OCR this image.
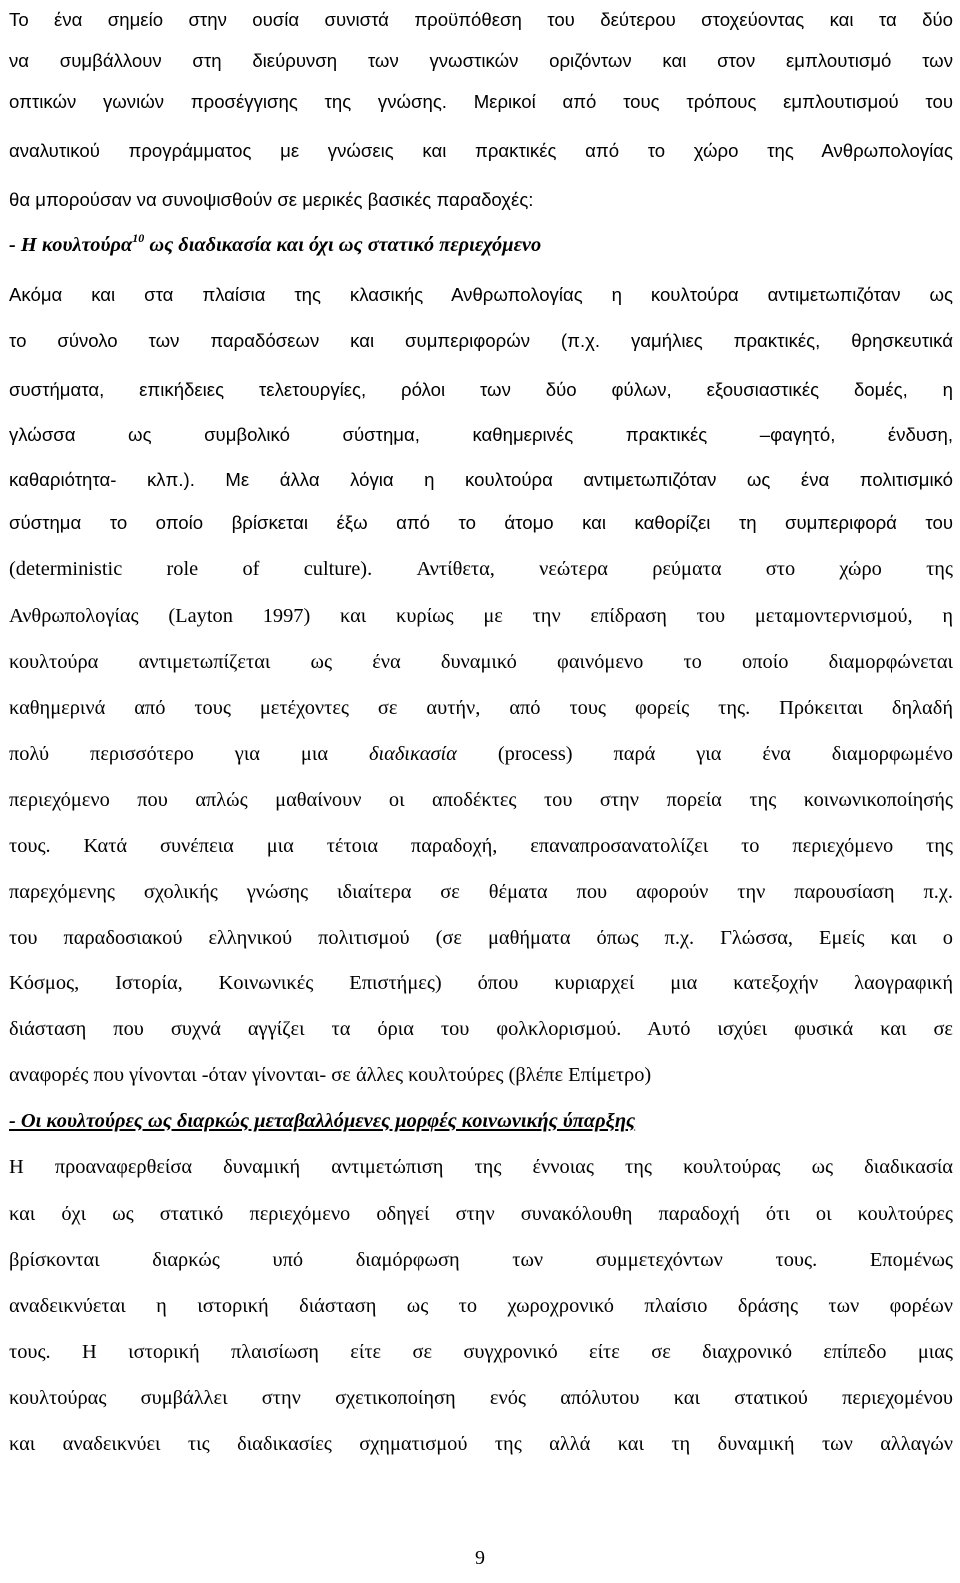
Το ένα σημείο στην ουσία συνιστά προϋπόθεση του δεύτερου στοχεύοντας και τα δύο
να συμβάλλουν στη διεύρυνση των γνωστικών οριζόντων και στον εμπλουτισμό των
οπτικών γωνιών προσέγγισης της γνώσης. Μερικοί από τους τρόπους εμπλουτισμού του
αναλυτικού προγράμματος με γνώσεις και πρακτικές από το χώρο της Ανθρωπολογίας
θα μπορούσαν να συνοψισθούν σε μερικές βασικές παραδοχές:
- Η κουλτούρα$^{10}$ ως διαδικασία και όχι ως στατικό περιεχόμενο
Ακόμα και στα πλαίσια της κλασικής Ανθρωπολογίας η κουλτούρα αντιμετωπιζόταν ως
το σύνολο των παραδόσεων και συμπεριφορών (π.χ. γαμήλιες πρακτικές, θρησκευτικά
συστήματα, επικήδειες τελετουργίες, ρόλοι των δύο φύλων, εξουσιαστικές δομές, η
γλώσσα ως συμβολικό σύστημα, καθημερινές πρακτικές –φαγητό, ένδυση,
καθαριότητα- κλπ.). Με άλλα λόγια η κουλτούρα αντιμετωπιζόταν ως ένα πολιτισμικό
σύστημα το οποίο βρίσκεται έξω από το άτομο και καθορίζει τη συμπεριφορά του
(deterministic role of culture). Αντίθετα, νεώτερα ρεύματα στο χώρο της
Ανθρωπολογίας (Layton 1997) και κυρίως με την επίδραση του μεταμοντερνισμού, η
κουλτούρα αντιμετωπίζεται ως ένα δυναμικό φαινόμενο το οποίο διαμορφώνεται
καθημερινά από τους μετέχοντες σε αυτήν, από τους φορείς της. Πρόκειται δηλαδή
πολύ περισσότερο για μια διαδικασία (process) παρά για ένα διαμορφωμένο
περιεχόμενο που απλώς μαθαίνουν οι αποδέκτες του στην πορεία της κοινωνικοποίησής
τους. Κατά συνέπεια μια τέτοια παραδοχή, επαναπροσανατολίζει το περιεχόμενο της
παρεχόμενης σχολικής γνώσης ιδιαίτερα σε θέματα που αφορούν την παρουσίαση π.χ.
του παραδοσιακού ελληνικού πολιτισμού (σε μαθήματα όπως π.χ. Γλώσσα, Εμείς και ο
Κόσμος, Ιστορία, Κοινωνικές Επιστήμες) όπου κυριαρχεί μια κατεξοχήν λαογραφική
διάσταση που συχνά αγγίζει τα όρια του φολκλορισμού. Αυτό ισχύει φυσικά και σε
αναφορές που γίνονται -όταν γίνονται- σε άλλες κουλτούρες (βλέπε Επίμετρο)
- Οι κουλτούρες ως διαρκώς μεταβαλλόμενες μορφές κοινωνικής ύπαρξης
Η προαναφερθείσα δυναμική αντιμετώπιση της έννοιας της κουλτούρας ως διαδικασία
και όχι ως στατικό περιεχόμενο οδηγεί στην συνακόλουθη παραδοχή ότι οι κουλτούρες
βρίσκονται διαρκώς υπό διαμόρφωση των συμμετεχόντων τους. Επομένως
αναδεικνύεται η ιστορική διάσταση ως το χωροχρονικό πλαίσιο δράσης των φορέων
τους. Η ιστορική πλαισίωση είτε σε συγχρονικό είτε σε διαχρονικό επίπεδο μιας
κουλτούρας συμβάλλει στην σχετικοποίηση ενός απόλυτου και στατικού περιεχομένου
και αναδεικνύει τις διαδικασίες σχηματισμού της αλλά και τη δυναμική των αλλαγών
9
